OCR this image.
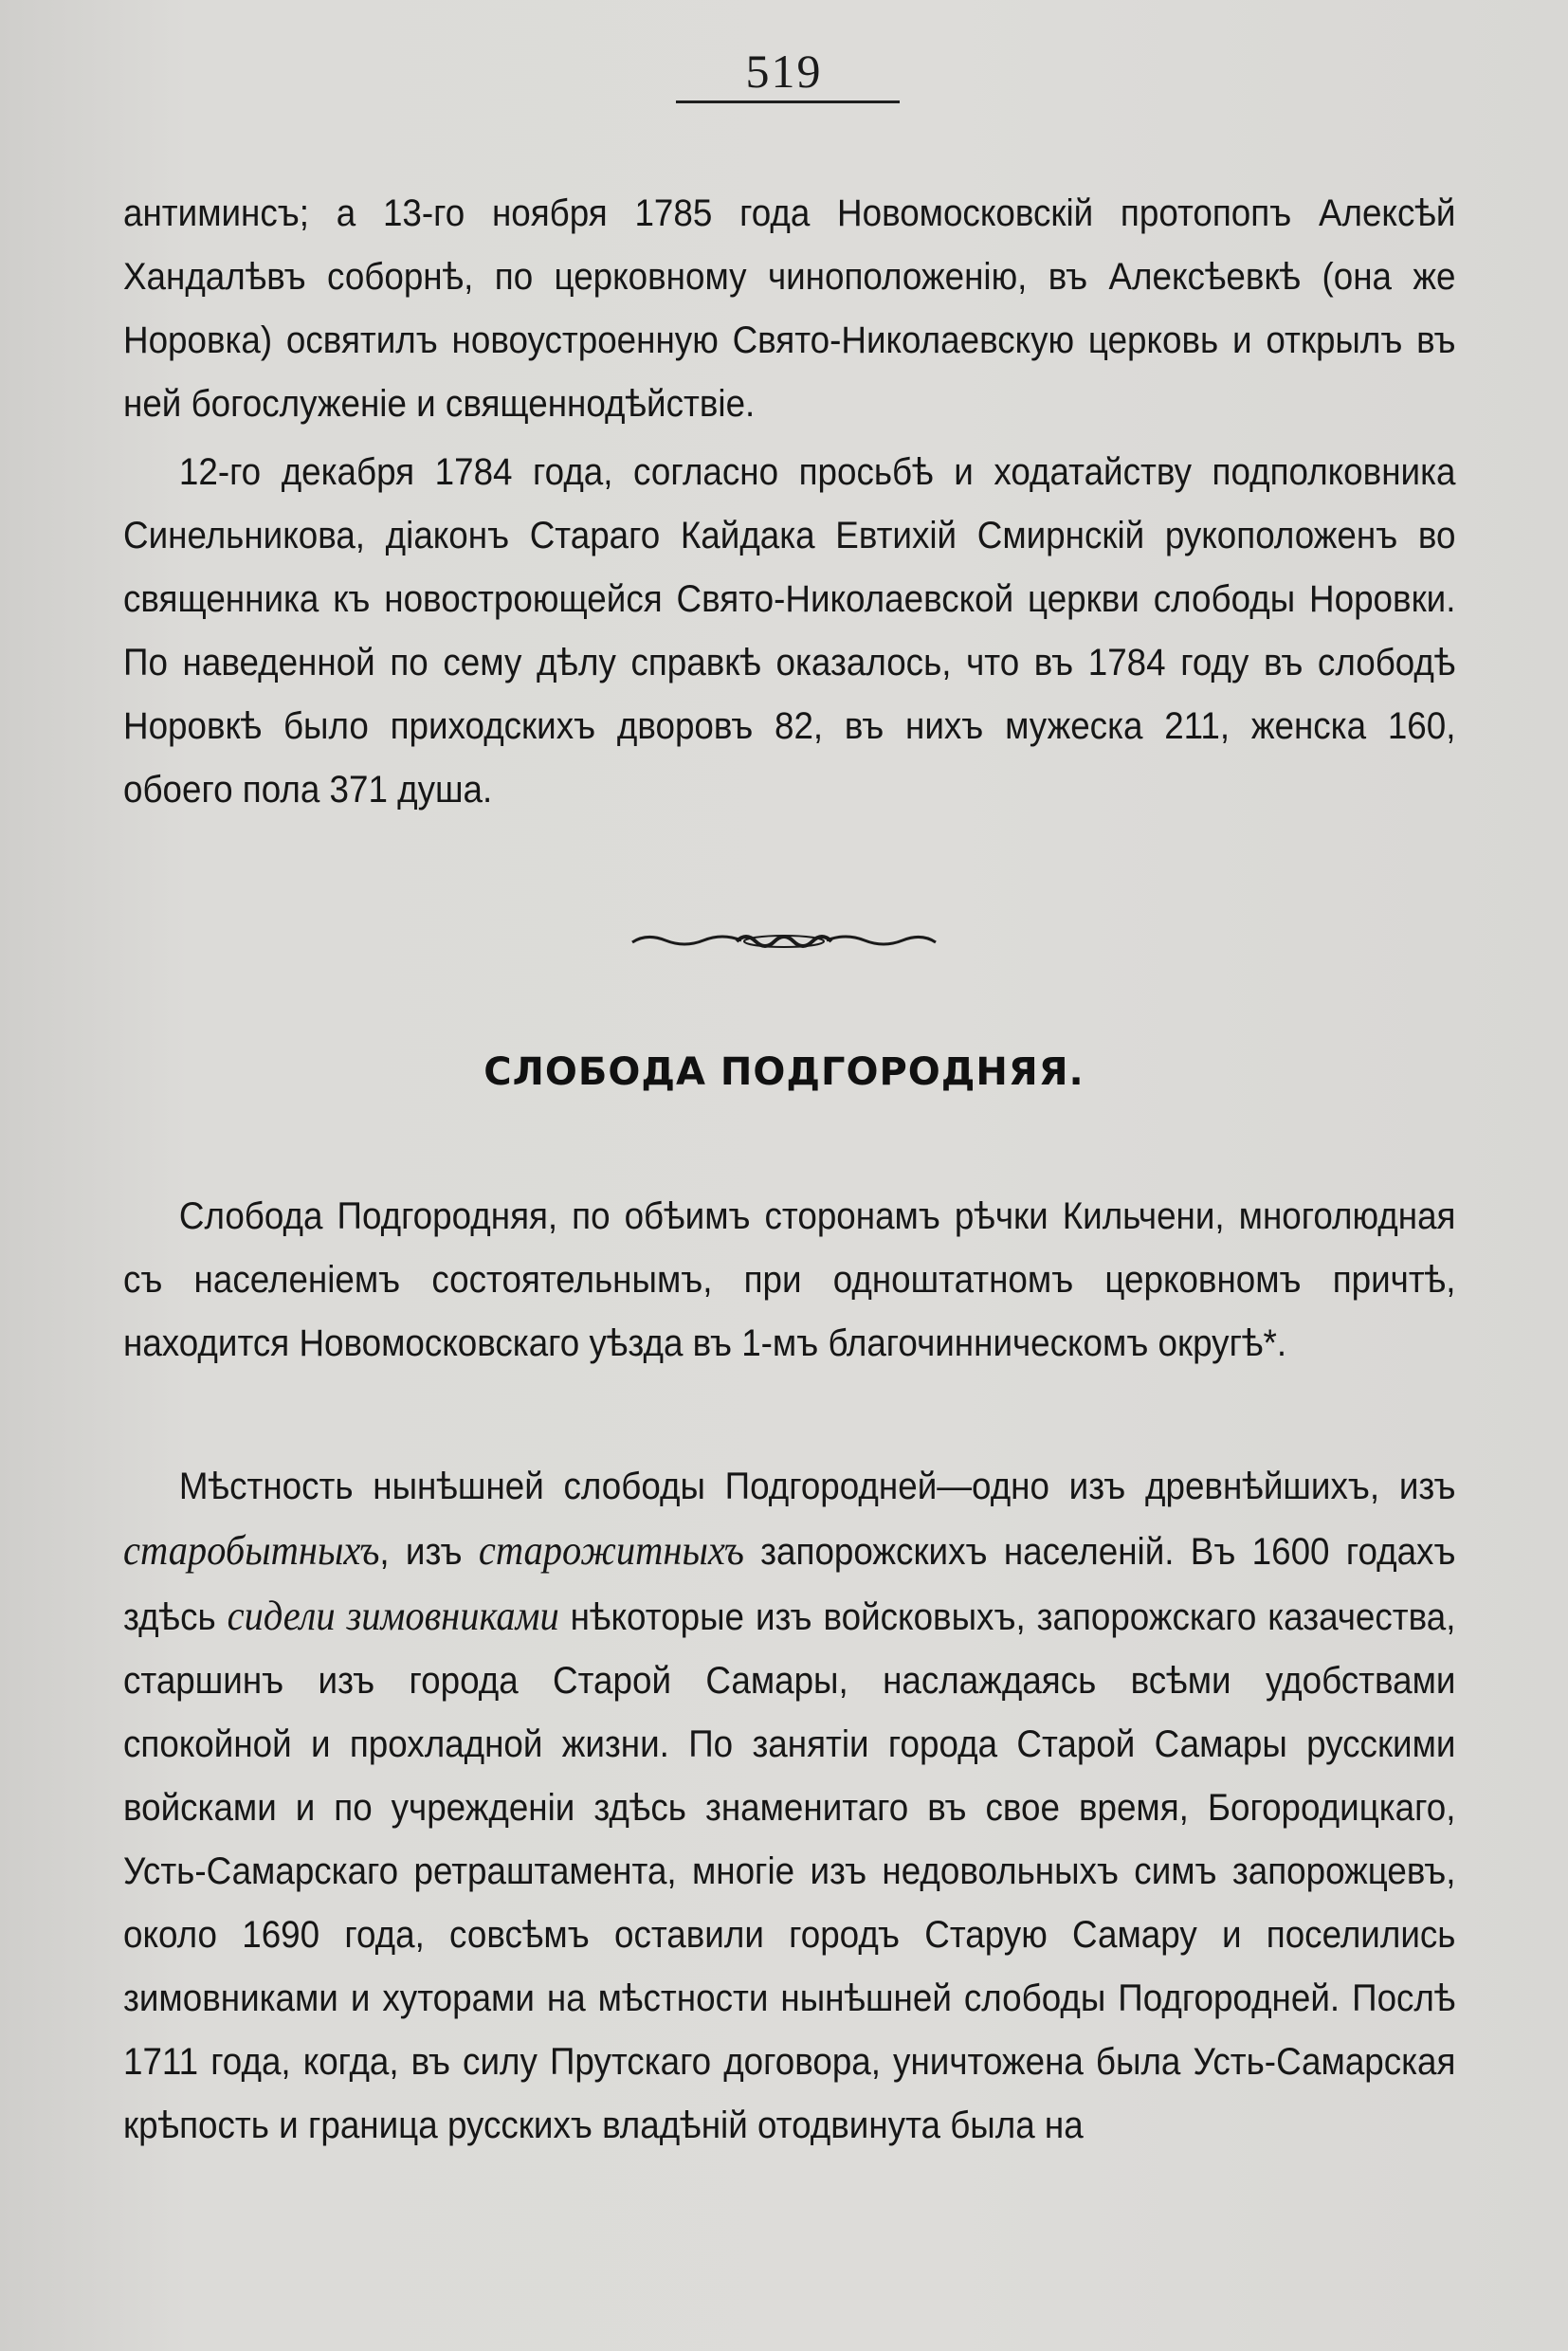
519

антиминсъ; а 13-го ноября 1785 года Новомосковскій протопопъ Алексѣй Хандалѣвъ соборнѣ, по церковному чиноположенію, въ Алексѣевкѣ (она же Норовка) освятилъ новоустроенную Свято-Николаевскую церковь и открылъ въ ней богослуженіе и священнодѣйствіе.

12-го декабря 1784 года, согласно просьбѣ и ходатайству подполковника Синельникова, діаконъ Стараго Кайдака Евтихій Смирнскій рукоположенъ во священника къ новостроющейся Свято-Николаевской церкви слободы Норовки. По наведенной по сему дѣлу справкѣ оказалось, что въ 1784 году въ слободѣ Норовкѣ было приходскихъ дворовъ 82, въ нихъ мужеска 211, женска 160, обоего пола 371 душа.

СЛОБОДА ПОДГОРОДНЯЯ.

Слобода Подгородняя, по обѣимъ сторонамъ рѣчки Кильчени, многолюдная съ населеніемъ состоятельнымъ, при одноштатномъ церковномъ причтѣ, находится Новомосковскаго уѣзда въ 1-мъ благочинническомъ округѣ*.

Мѣстность нынѣшней слободы Подгородней—одно изъ древнѣйшихъ, изъ старобытныхъ, изъ старожитныхъ запорожскихъ населеній. Въ 1600 годахъ здѣсь сидели зимовниками нѣкоторые изъ войсковыхъ, запорожскаго казачества, старшинъ изъ города Старой Самары, наслаждаясь всѣми удобствами спокойной и прохладной жизни. По занятіи города Старой Самары русскими войсками и по учрежденіи здѣсь знаменитаго въ свое время, Богородицкаго, Усть-Самарскаго ретраштамента, многіе изъ недовольныхъ симъ запорожцевъ, около 1690 года, совсѣмъ оставили городъ Старую Самару и поселились зимовниками и хуторами на мѣстности нынѣшней слободы Подгородней. Послѣ 1711 года, когда, въ силу Прутскаго договора, уничтожена была Усть-Самарская крѣпость и граница русскихъ владѣній отодвинута была на
